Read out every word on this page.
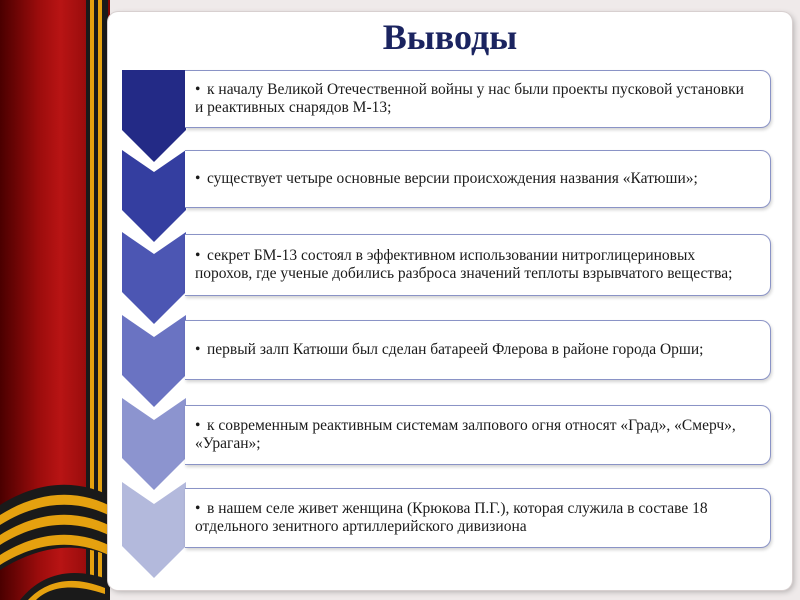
Выводы
• к началу Великой Отечественной войны у нас были проекты пусковой установки и реактивных снарядов М-13;
• существует четыре основные версии происхождения названия «Катюши»;
• секрет БМ-13 состоял в эффективном использовании нитроглицериновых порохов, где ученые добились разброса значений теплоты взрывчатого вещества;
• первый залп Катюши был сделан батареей Флерова в районе города Орши;
• к современным реактивным системам залпового огня относят «Град», «Смерч», «Ураган»;
• в нашем селе живет женщина (Крюкова П.Г.), которая служила в составе 18 отдельного зенитного артиллерийского дивизиона
